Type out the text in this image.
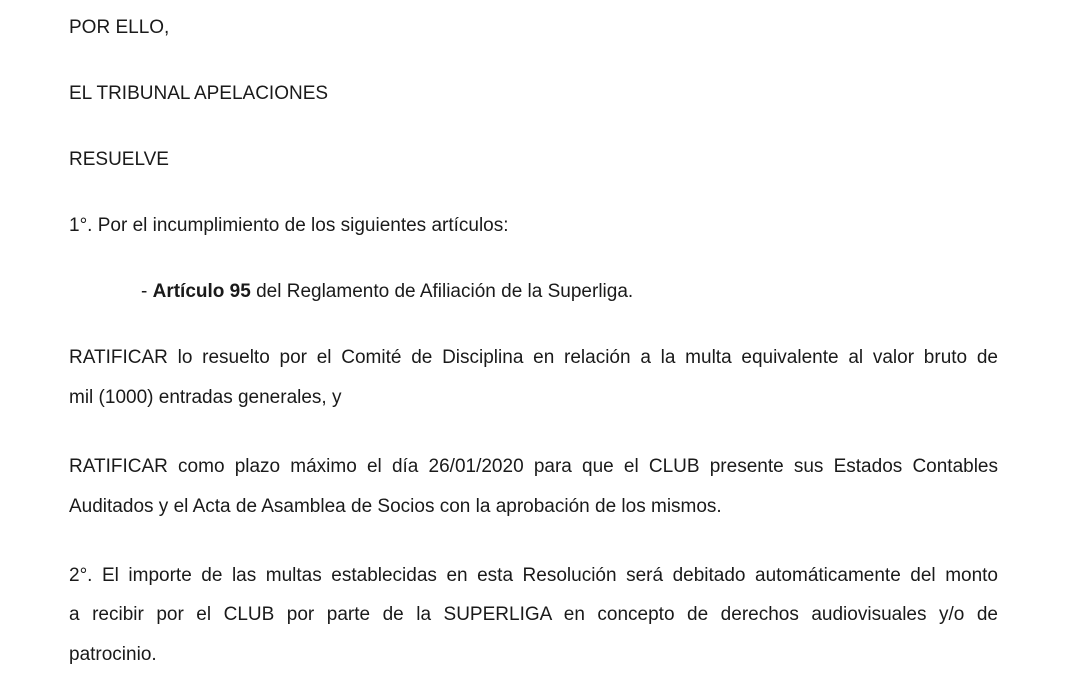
POR ELLO,
EL TRIBUNAL APELACIONES
RESUELVE
1°. Por el incumplimiento de los siguientes artículos:
- Artículo 95 del Reglamento de Afiliación de la Superliga.
RATIFICAR lo resuelto por el Comité de Disciplina en relación a la multa equivalente al valor bruto de
mil (1000) entradas generales, y
RATIFICAR como plazo máximo el día 26/01/2020 para que el CLUB presente sus Estados Contables
Auditados y el Acta de Asamblea de Socios con la aprobación de los mismos.
2°. El importe de las multas establecidas en esta Resolución será debitado automáticamente del monto
a recibir por el CLUB por parte de la SUPERLIGA en concepto de derechos audiovisuales y/o de
patrocinio.
